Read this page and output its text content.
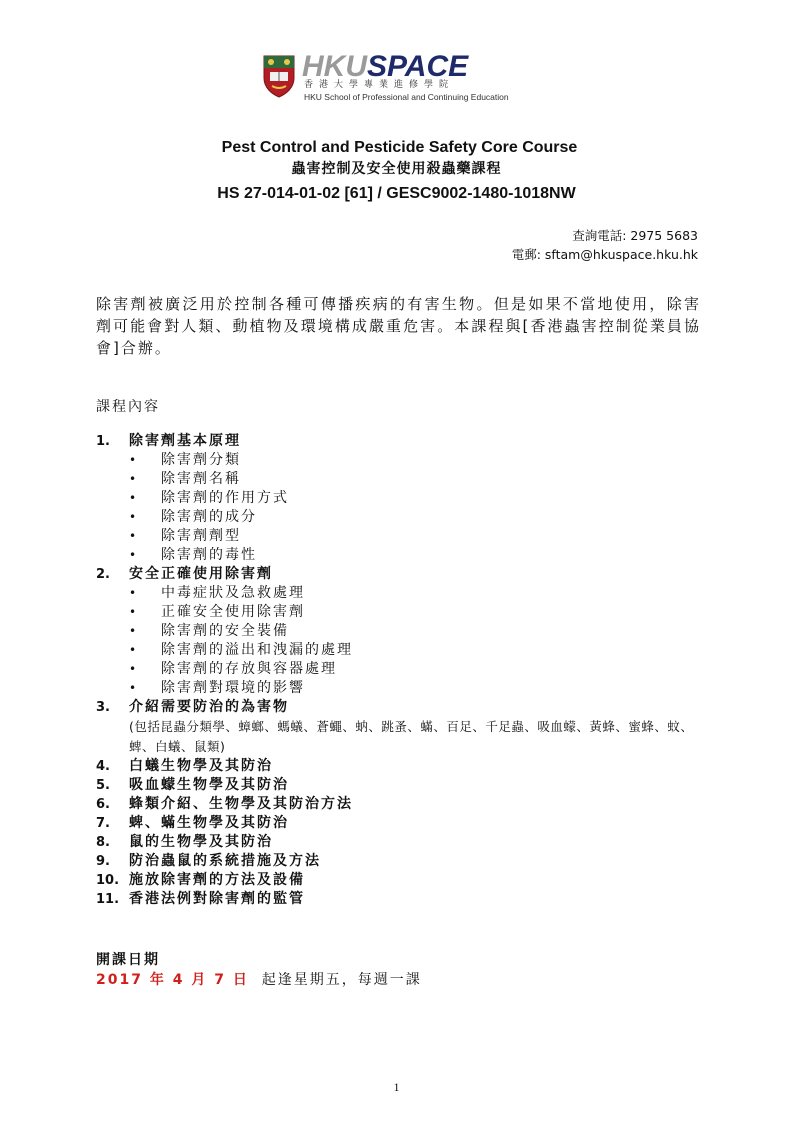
HKUSPACE
香港大學專業進修學院
HKU School of Professional and Continuing Education
Pest Control and Pesticide Safety Core Course
蟲害控制及安全使用殺蟲藥課程
HS 27-014-01-02 [61] / GESC9002-1480-1018NW
查詢電話: 2975 5683
電郵: sftam@hkuspace.hku.hk
除害劑被廣泛用於控制各種可傳播疾病的有害生物。但是如果不當地使用，除害劑可能會對人類、動植物及環境構成嚴重危害。本課程與[香港蟲害控制從業員協會]合辦。
課程內容
1.	除害劑基本原理
•	除害劑分類
•	除害劑名稱
•	除害劑的作用方式
•	除害劑的成分
•	除害劑劑型
•	除害劑的毒性
2.	安全正確使用除害劑
•	中毒症狀及急救處理
•	正確安全使用除害劑
•	除害劑的安全裝備
•	除害劑的溢出和洩漏的處理
•	除害劑的存放與容器處理
•	除害劑對環境的影響
3.	介紹需要防治的為害物
(包括昆蟲分類學、蟑螂、螞蟻、蒼蠅、蚋、跳蚤、蟎、百足、千足蟲、吸血蠓、黃蜂、蜜蜂、蚊、蜱、白蟻、鼠類)
4.	白蟻生物學及其防治
5.	吸血蠓生物學及其防治
6.	蜂類介紹、生物學及其防治方法
7.	蜱、蟎生物學及其防治
8.	鼠的生物學及其防治
9.	防治蟲鼠的系統措施及方法
10. 施放除害劑的方法及設備
11. 香港法例對除害劑的監管
開課日期
2017 年 4 月 7 日 起逢星期五，每週一課
1
